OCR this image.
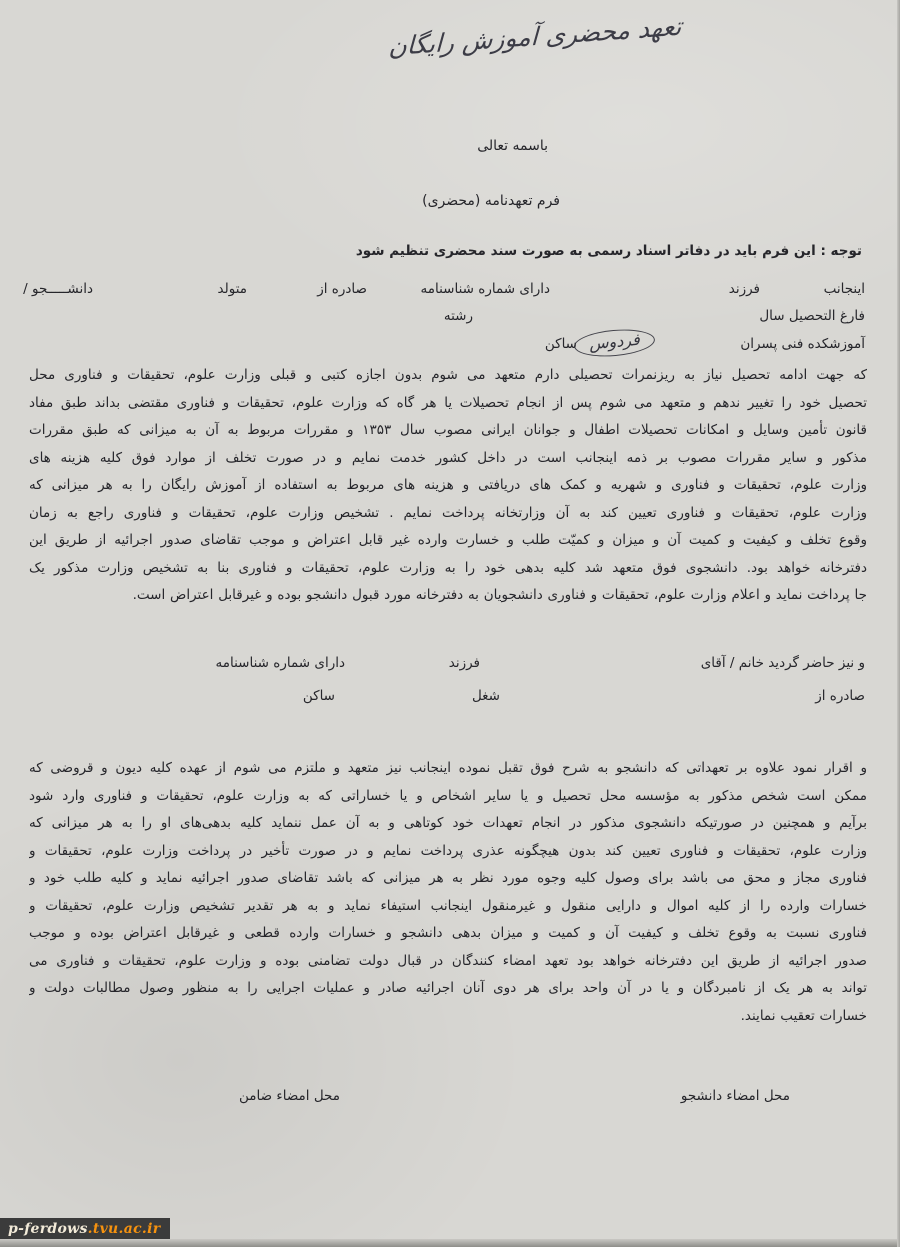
تعهد محضری آموزش رایگان
باسمه تعالی
فرم تعهدنامه (محضری)
توجه : این فرم باید در دفاتر اسناد رسمی به صورت سند محضری تنظیم شود
اینجانب
فرزند
دارای شماره شناسنامه
صادره از
متولد
دانشـــــجو /
فارغ التحصیل سال
رشته
آموزشکده فنی پسران
فردوس
ساکن
که جهت ادامه تحصیل نیاز به ریزنمرات تحصیلی دارم متعهد می شوم بدون اجازه کتبی و قبلی وزارت علوم، تحقیقات و فناوری محل
تحصیل خود را تغییر ندهم و متعهد می شوم پس از انجام تحصیلات یا هر گاه که وزارت علوم، تحقیقات و فناوری مقتضی بداند طبق مفاد
قانون تأمین وسایل و امکانات تحصیلات اطفال و جوانان ایرانی مصوب سال ۱۳۵۳ و مقررات مربوط به آن به میزانی که طبق مقررات
مذکور و سایر مقررات مصوب بر ذمه اینجانب است در داخل کشور خدمت نمایم و در صورت تخلف از موارد فوق کلیه هزینه های
وزارت علوم، تحقیقات و فناوری و شهریه و کمک های دریافتی و هزینه های مربوط به استفاده از آموزش رایگان را به هر میزانی که
وزارت علوم، تحقیقات و فناوری تعیین کند به آن وزارتخانه پرداخت نمایم . تشخیص وزارت علوم، تحقیقات و فناوری راجع به زمان
وقوع تخلف و کیفیت و کمیت آن و میزان و کمیّت طلب و خسارت وارده غیر قابل اعتراض و موجب تقاضای صدور اجرائیه از طریق این
دفترخانه خواهد بود. دانشجوی فوق متعهد شد کلیه بدهی خود را به وزارت علوم، تحقیقات و فناوری بنا به تشخیص وزارت مذکور یک
جا پرداخت نماید و اعلام وزارت علوم، تحقیقات و فناوری دانشجویان به دفترخانه مورد قبول دانشجو بوده و غیرقابل اعتراض است.
و نیز حاضر گردید خانم / آقای
فرزند
دارای شماره شناسنامه
صادره از
شغل
ساکن
و اقرار نمود علاوه بر تعهداتی که دانشجو به شرح فوق تقبل نموده اینجانب نیز متعهد و ملتزم می شوم از عهده کلیه دیون و قروضی که
ممکن است شخص مذکور به مؤسسه محل تحصیل و یا سایر اشخاص و یا خساراتی که به وزارت علوم، تحقیقات و فناوری وارد شود
برآیم و همچنین در صورتیکه دانشجوی مذکور در انجام تعهدات خود کوتاهی و به آن عمل ننماید کلیه بدهی‌های او را به هر میزانی که
وزارت علوم، تحقیقات و فناوری تعیین کند بدون هیچگونه عذری پرداخت نمایم و در صورت تأخیر در پرداخت وزارت علوم، تحقیقات و
فناوری مجاز و محق می باشد برای وصول کلیه وجوه مورد نظر به هر میزانی که باشد تقاضای صدور اجرائیه نماید و کلیه طلب خود و
خسارات وارده را از کلیه اموال و دارایی منقول و غیرمنقول اینجانب استیفاء نماید و به هر تقدیر تشخیص وزارت علوم، تحقیقات و
فناوری نسبت به وقوع تخلف و کیفیت آن و کمیت و میزان بدهی دانشجو و خسارات وارده قطعی و غیرقابل اعتراض بوده و موجب
صدور اجرائیه از طریق این دفترخانه خواهد بود تعهد امضاء کنندگان در قبال دولت تضامنی بوده و وزارت علوم، تحقیقات و فناوری می
تواند به هر یک از نامبردگان و یا در آن واحد برای هر دوی آنان اجرائیه صادر و عملیات اجرایی را به منظور وصول مطالبات دولت و
خسارات تعقیب نمایند.
محل امضاء دانشجو
محل امضاء ضامن
p-ferdows .tvu.ac.ir
